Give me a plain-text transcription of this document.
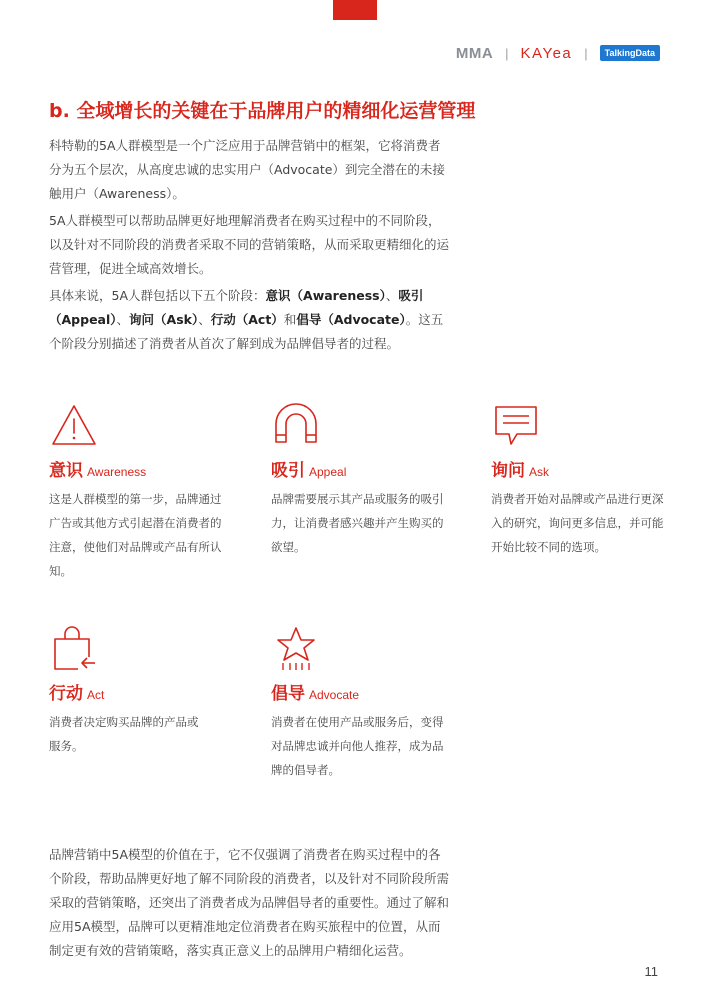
MMA | KAYea |	TalkingData
b. 全域增长的关键在于品牌用户的精细化运营管理

科特勒的5A人群模型是一个广泛应用于品牌营销中的框架，它将消费者分为五个层次，从高度忠诚的忠实用户（Advocate）到完全潜在的未接触用户（Awareness）。

5A人群模型可以帮助品牌更好地理解消费者在购买过程中的不同阶段，以及针对不同阶段的消费者采取不同的营销策略，从而采取更精细化的运营管理，促进全域高效增长。

具体来说，5A人群包括以下五个阶段：意识（Awareness）、吸引（Appeal）、询问（Ask）、行动（Act）和倡导（Advocate）。这五个阶段分别描述了消费者从首次了解到成为品牌倡导者的过程。

意识 Awareness
这是人群模型的第一步，品牌通过广告或其他方式引起潜在消费者的注意，使他们对品牌或产品有所认知。
吸引 Appeal
品牌需要展示其产品或服务的吸引力，让消费者感兴趣并产生购买的欲望。
询问 Ask
消费者开始对品牌或产品进行更深入的研究，询问更多信息，并可能开始比较不同的选项。
行动 Act
消费者决定购买品牌的产品或服务。
倡导 Advocate
消费者在使用产品或服务后，变得对品牌忠诚并向他人推荐，成为品牌的倡导者。

品牌营销中5A模型的价值在于，它不仅强调了消费者在购买过程中的各个阶段，帮助品牌更好地了解不同阶段的消费者，以及针对不同阶段所需采取的营销策略，还突出了消费者成为品牌倡导者的重要性。通过了解和应用5A模型，品牌可以更精准地定位消费者在购买旅程中的位置，从而制定更有效的营销策略，落实真正意义上的品牌用户精细化运营。

11
